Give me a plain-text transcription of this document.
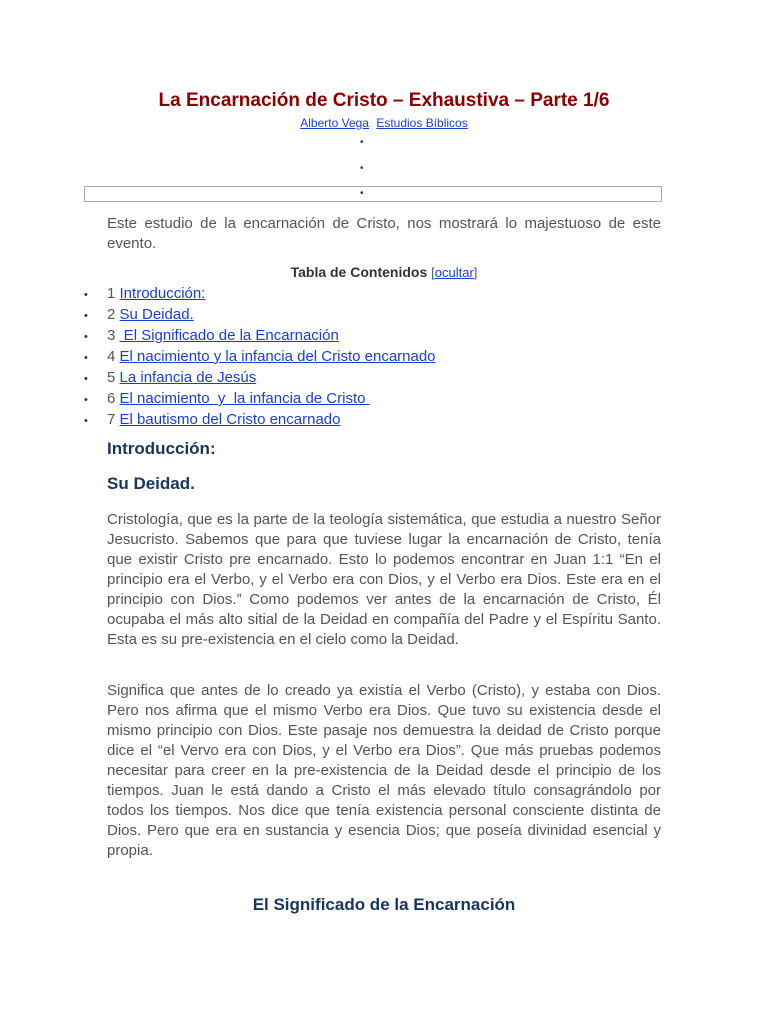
La Encarnación de Cristo – Exhaustiva – Parte 1/6
Alberto Vega Estudios Bíblicos
•
•
•

Este estudio de la encarnación de Cristo, nos mostrará lo majestuoso de este evento.

Tabla de Contenidos [ocultar]
• 1 Introducción:
• 2 Su Deidad.
• 3  El Significado de la Encarnación
• 4 El nacimiento y la infancia del Cristo encarnado
• 5 La infancia de Jesús
• 6 El nacimiento  y  la infancia de Cristo
• 7 El bautismo del Cristo encarnado
Introducción:
Su Deidad.

Cristología, que es la parte de la teología sistemática, que estudia a nuestro Señor Jesucristo. Sabemos que para que tuviese lugar la encarnación de Cristo, tenía que existir Cristo pre encarnado. Esto lo podemos encontrar en Juan 1:1 “En el principio era el Verbo, y el Verbo era con Dios, y el Verbo era Dios. Este era en el principio con Dios.” Como podemos ver antes de la encarnación de Cristo, Él ocupaba el más alto sitial de la Deidad en compañía del Padre y el Espíritu Santo. Esta es su pre-existencia en el cielo como la Deidad.

Significa que antes de lo creado ya existía el Verbo (Cristo), y estaba con Dios. Pero nos afirma que el mismo Verbo era Dios. Que tuvo su existencia desde el mismo principio con Dios. Este pasaje nos demuestra la deidad de Cristo porque dice el “el Vervo era con Dios, y el Verbo era Dios”. Que más pruebas podemos necesitar para creer en la pre-existencia de la Deidad desde el principio de los tiempos. Juan le está dando a Cristo el más elevado título consagrándolo por todos los tiempos. Nos dice que tenía existencia personal consciente distinta de Dios. Pero que era en sustancia y esencia Dios; que poseía divinidad esencial y propia.

El Significado de la Encarnación
